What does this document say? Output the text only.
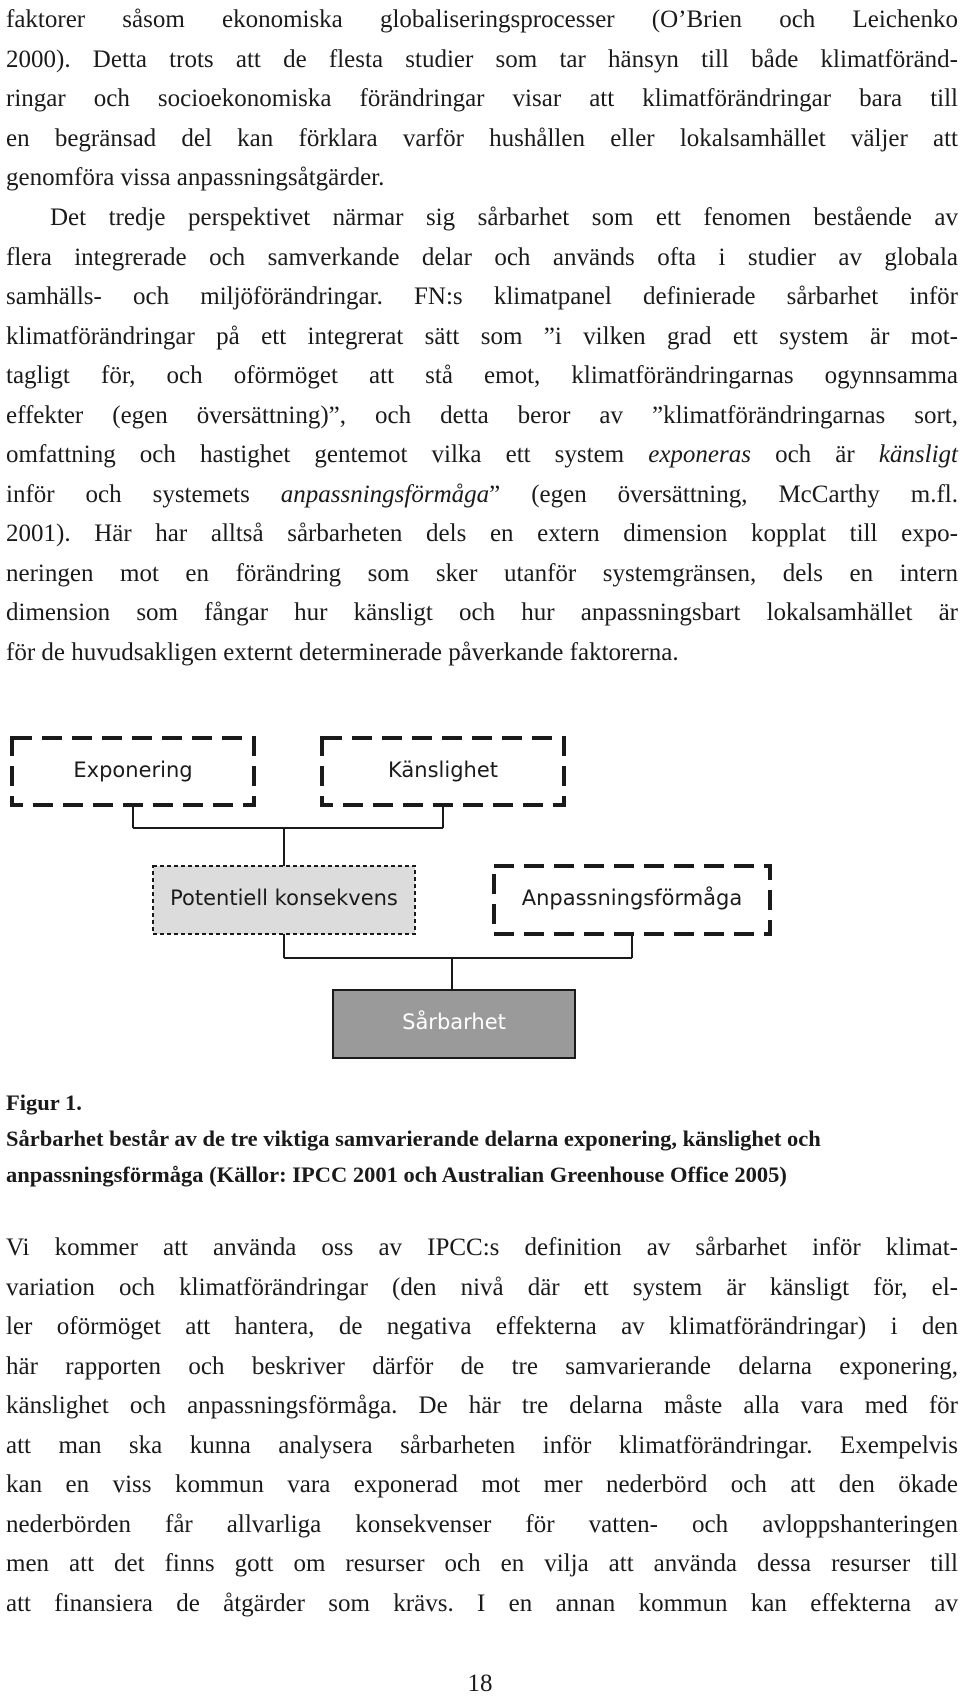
faktorer såsom ekonomiska globaliseringsprocesser (O’Brien och Leichenko
2000). Detta trots att de flesta studier som tar hänsyn till både klimatföränd-
ringar och socioekonomiska förändringar visar att klimatförändringar bara till
en begränsad del kan förklara varför hushållen eller lokalsamhället väljer att
genomföra vissa anpassningsåtgärder.
Det tredje perspektivet närmar sig sårbarhet som ett fenomen bestående av
flera integrerade och samverkande delar och används ofta i studier av globala
samhälls- och miljöförändringar. FN:s klimatpanel definierade sårbarhet inför
klimatförändringar på ett integrerat sätt som ”i vilken grad ett system är mot-
tagligt för, och oförmöget att stå emot, klimatförändringarnas ogynnsamma
effekter (egen översättning)”, och detta beror av ”klimatförändringarnas sort,
omfattning och hastighet gentemot vilka ett system exponeras och är känsligt
inför och systemets anpassningsförmåga” (egen översättning, McCarthy m.fl.
2001). Här har alltså sårbarheten dels en extern dimension kopplat till expo-
neringen mot en förändring som sker utanför systemgränsen, dels en intern
dimension som fångar hur känsligt och hur anpassningsbart lokalsamhället är
för de huvudsakligen externt determinerade påverkande faktorerna.
Exponering	Känslighet
Potentiell konsekvens	Anpassningsförmåga
Sårbarhet
Figur 1.
Sårbarhet består av de tre viktiga samvarierande delarna exponering, känslighet och
anpassningsförmåga (Källor: IPCC 2001 och Australian Greenhouse Office 2005)
Vi kommer att använda oss av IPCC:s definition av sårbarhet inför klimat-
variation och klimatförändringar (den nivå där ett system är känsligt för, el-
ler oförmöget att hantera, de negativa effekterna av klimatförändringar) i den
här rapporten och beskriver därför de tre samvarierande delarna exponering,
känslighet och anpassningsförmåga. De här tre delarna måste alla vara med för
att man ska kunna analysera sårbarheten inför klimatförändringar. Exempelvis
kan en viss kommun vara exponerad mot mer nederbörd och att den ökade
nederbörden får allvarliga konsekvenser för vatten- och avloppshanteringen
men att det finns gott om resurser och en vilja att använda dessa resurser till
att finansiera de åtgärder som krävs. I en annan kommun kan effekterna av
18
